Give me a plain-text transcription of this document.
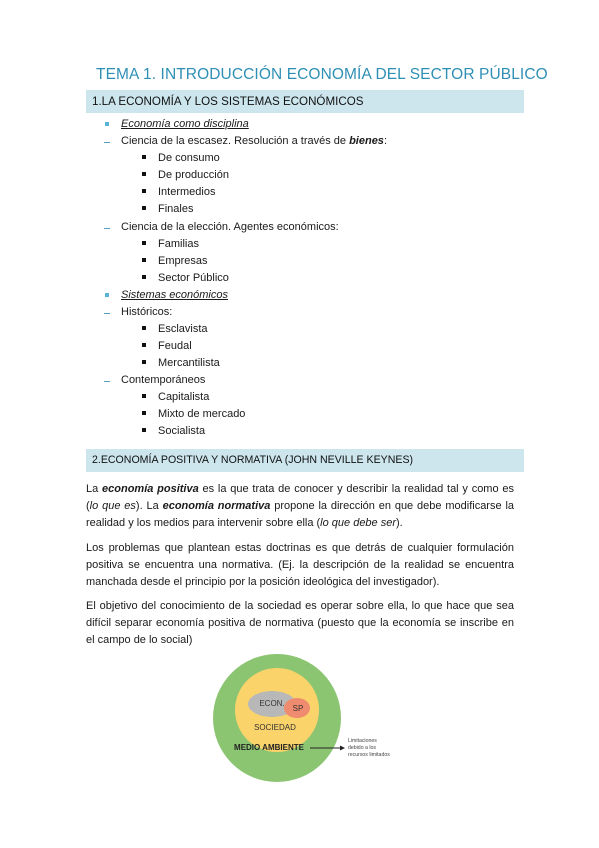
TEMA 1. INTRODUCCIÓN ECONOMÍA DEL SECTOR PÚBLICO
1.LA ECONOMÍA Y LOS SISTEMAS ECONÓMICOS
Economía como disciplina
Ciencia de la escasez. Resolución a través de bienes:
De consumo
De producción
Intermedios
Finales
Ciencia de la elección. Agentes económicos:
Familias
Empresas
Sector Público
Sistemas económicos
Históricos:
Esclavista
Feudal
Mercantilista
Contemporáneos
Capitalista
Mixto de mercado
Socialista
2.ECONOMÍA POSITIVA Y NORMATIVA (JOHN NEVILLE KEYNES)
La economía positiva es la que trata de conocer y describir la realidad tal y como es (lo que es). La economía normativa propone la dirección en que debe modificarse la realidad y los medios para intervenir sobre ella (lo que debe ser).
Los problemas que plantean estas doctrinas es que detrás de cualquier formulación positiva se encuentra una normativa. (Ej. la descripción de la realidad se encuentra manchada desde el principio por la posición ideológica del investigador).
El objetivo del conocimiento de la sociedad es operar sobre ella, lo que hace que sea difícil separar economía positiva de normativa (puesto que la economía se inscribe en el campo de lo social)
ECON.
SP
SOCIEDAD
MEDIO AMBIENTE
Limitaciones
debido a los
recursos limitados
